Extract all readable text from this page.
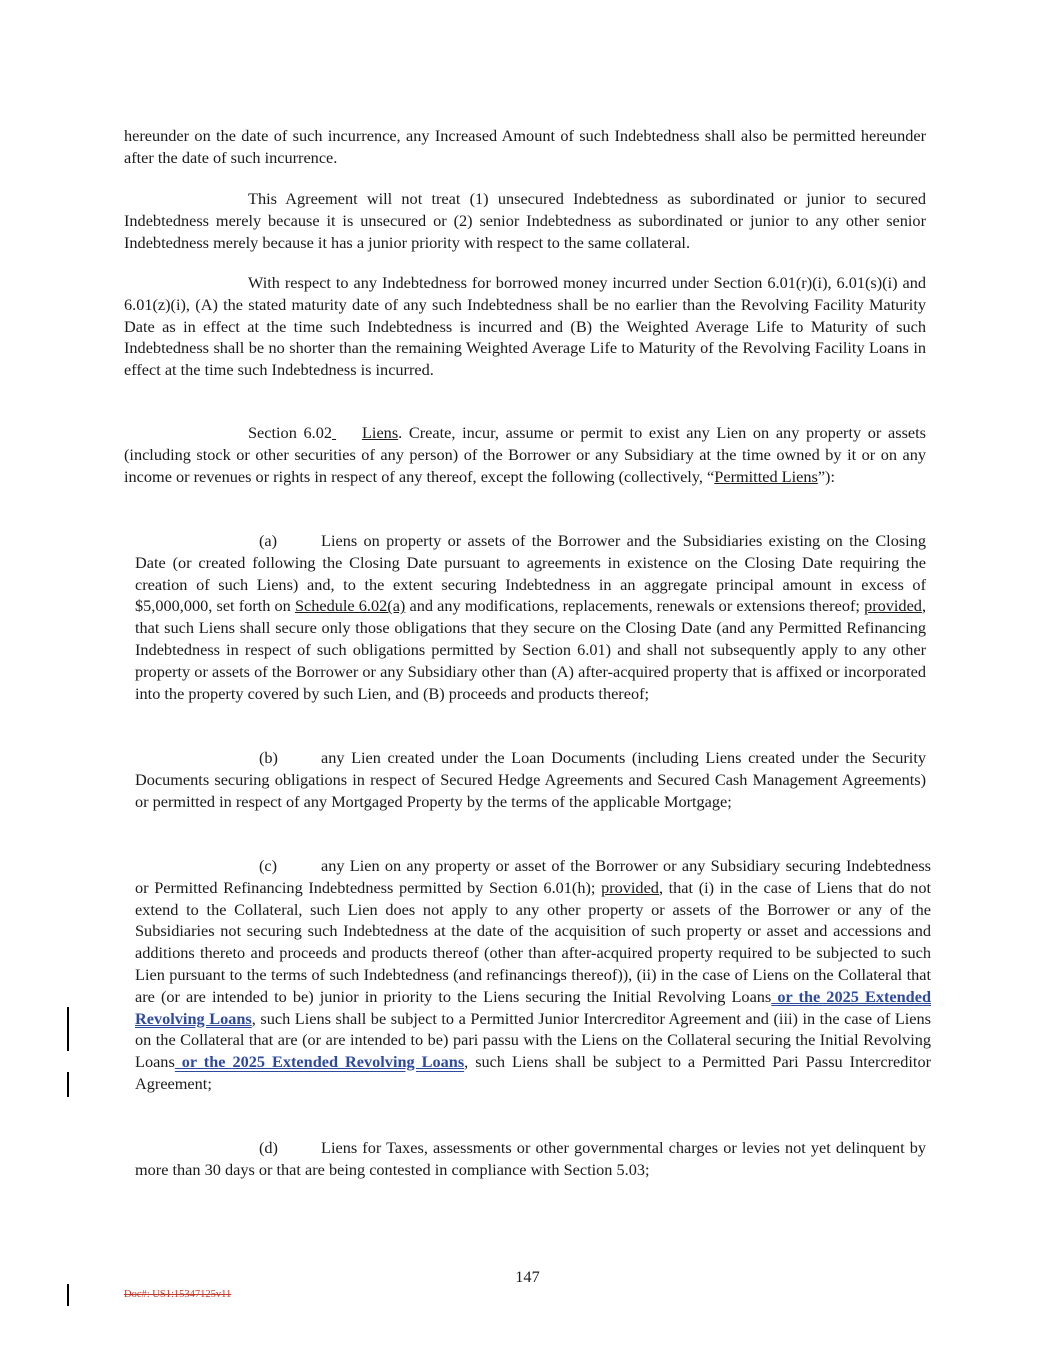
hereunder on the date of such incurrence, any Increased Amount of such Indebtedness shall also be permitted hereunder after the date of such incurrence.

This Agreement will not treat (1) unsecured Indebtedness as subordinated or junior to secured Indebtedness merely because it is unsecured or (2) senior Indebtedness as subordinated or junior to any other senior Indebtedness merely because it has a junior priority with respect to the same collateral.

With respect to any Indebtedness for borrowed money incurred under Section 6.01(r)(i), 6.01(s)(i) and 6.01(z)(i), (A) the stated maturity date of any such Indebtedness shall be no earlier than the Revolving Facility Maturity Date as in effect at the time such Indebtedness is incurred and (B) the Weighted Average Life to Maturity of such Indebtedness shall be no shorter than the remaining Weighted Average Life to Maturity of the Revolving Facility Loans in effect at the time such Indebtedness is incurred.

Section 6.02 Liens. Create, incur, assume or permit to exist any Lien on any property or assets (including stock or other securities of any person) of the Borrower or any Subsidiary at the time owned by it or on any income or revenues or rights in respect of any thereof, except the following (collectively, “Permitted Liens”):

(a)	Liens on property or assets of the Borrower and the Subsidiaries existing on the Closing Date (or created following the Closing Date pursuant to agreements in existence on the Closing Date requiring the creation of such Liens) and, to the extent securing Indebtedness in an aggregate principal amount in excess of $5,000,000, set forth on Schedule 6.02(a) and any modifications, replacements, renewals or extensions thereof; provided, that such Liens shall secure only those obligations that they secure on the Closing Date (and any Permitted Refinancing Indebtedness in respect of such obligations permitted by Section 6.01) and shall not subsequently apply to any other property or assets of the Borrower or any Subsidiary other than (A) after-acquired property that is affixed or incorporated into the property covered by such Lien, and (B) proceeds and products thereof;

(b)	any Lien created under the Loan Documents (including Liens created under the Security Documents securing obligations in respect of Secured Hedge Agreements and Secured Cash Management Agreements) or permitted in respect of any Mortgaged Property by the terms of the applicable Mortgage;

(c)	any Lien on any property or asset of the Borrower or any Subsidiary securing Indebtedness or Permitted Refinancing Indebtedness permitted by Section 6.01(h); provided, that (i) in the case of Liens that do not extend to the Collateral, such Lien does not apply to any other property or assets of the Borrower or any of the Subsidiaries not securing such Indebtedness at the date of the acquisition of such property or asset and accessions and additions thereto and proceeds and products thereof (other than after-acquired property required to be subjected to such Lien pursuant to the terms of such Indebtedness (and refinancings thereof)), (ii) in the case of Liens on the Collateral that are (or are intended to be) junior in priority to the Liens securing the Initial Revolving Loans or the 2025 Extended Revolving Loans, such Liens shall be subject to a Permitted Junior Intercreditor Agreement and (iii) in the case of Liens on the Collateral that are (or are intended to be) pari passu with the Liens on the Collateral securing the Initial Revolving Loans or the 2025 Extended Revolving Loans, such Liens shall be subject to a Permitted Pari Passu Intercreditor Agreement;

(d)	Liens for Taxes, assessments or other governmental charges or levies not yet delinquent by more than 30 days or that are being contested in compliance with Section 5.03;

147
Doc#: US1:15347125v11
